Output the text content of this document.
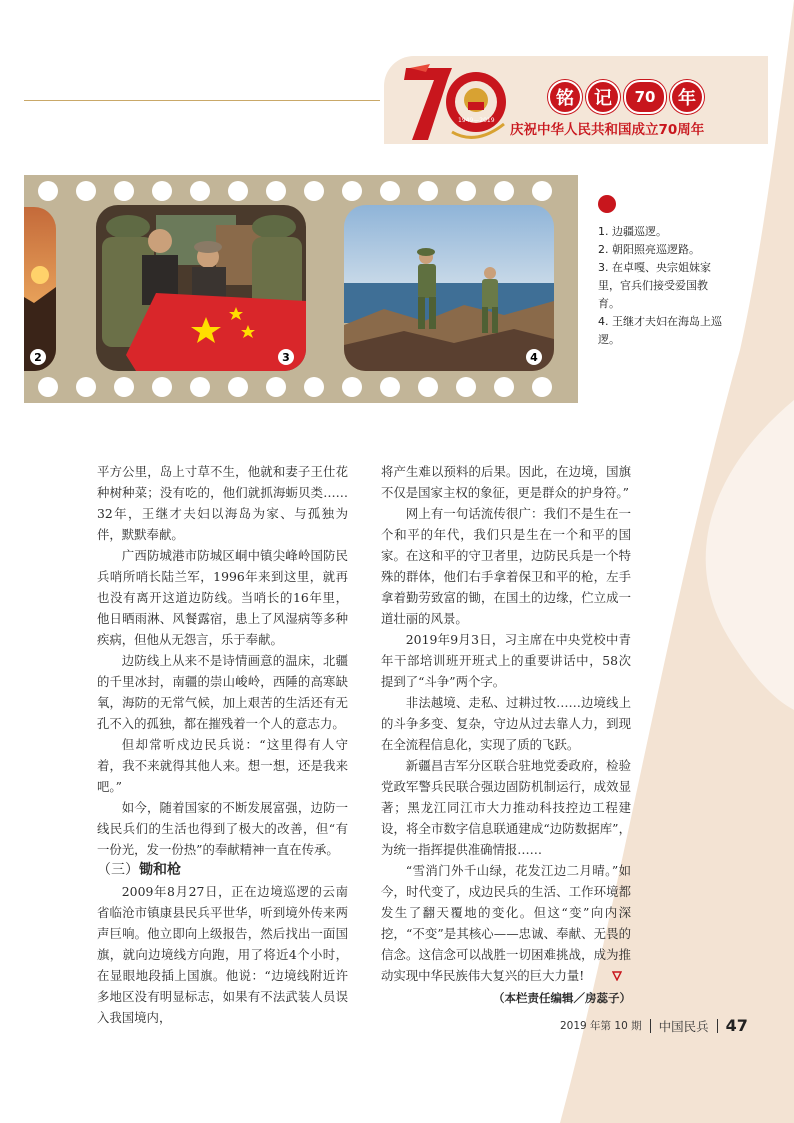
1949—2019
铭	记	70	年
庆祝中华人民共和国成立70周年
2	3	4
1. 边疆巡逻。
2. 朝阳照亮巡逻路。
3. 在卓嘎、央宗姐妹家里，官兵们接受爱国教育。
4. 王继才夫妇在海岛上巡逻。

平方公里，岛上寸草不生，他就和妻子王仕花种树种菜；没有吃的，他们就抓海蛎贝类……32年，王继才夫妇以海岛为家、与孤独为伴，默默奉献。

广西防城港市防城区峒中镇尖峰岭国防民兵哨所哨长陆兰军，1996年来到这里，就再也没有离开这道边防线。当哨长的16年里，他日晒雨淋、风餐露宿，患上了风湿病等多种疾病，但他从无怨言，乐于奉献。

边防线上从来不是诗情画意的温床，北疆的千里冰封，南疆的崇山峻岭，西陲的高寒缺氧，海防的无常气候，加上艰苦的生活还有无孔不入的孤独，都在摧残着一个人的意志力。

但却常听戍边民兵说：“这里得有人守着，我不来就得其他人来。想一想，还是我来吧。”

如今，随着国家的不断发展富强，边防一线民兵们的生活也得到了极大的改善，但“有一份光，发一份热”的奉献精神一直在传承。

（三）锄和枪

2009年8月27日，正在边境巡逻的云南省临沧市镇康县民兵平世华，听到境外传来两声巨响。他立即向上级报告，然后找出一面国旗，就向边境线方向跑，用了将近4个小时，在显眼地段插上国旗。他说：“边境线附近许多地区没有明显标志，如果有不法武装人员误入我国境内，

将产生难以预料的后果。因此，在边境，国旗不仅是国家主权的象征，更是群众的护身符。”

网上有一句话流传很广：我们不是生在一个和平的年代，我们只是生在一个和平的国家。在这和平的守卫者里，边防民兵是一个特殊的群体，他们右手拿着保卫和平的枪，左手拿着勤劳致富的锄，在国土的边缘，伫立成一道壮丽的风景。

2019年9月3日，习主席在中央党校中青年干部培训班开班式上的重要讲话中，58次提到了“斗争”两个字。

非法越境、走私、过耕过牧……边境线上的斗争多变、复杂，守边从过去靠人力，到现在全流程信息化，实现了质的飞跃。

新疆昌吉军分区联合驻地党委政府，检验党政军警兵民联合强边固防机制运行，成效显著；黑龙江同江市大力推动科技控边工程建设，将全市数字信息联通建成“边防数据库”，为统一指挥提供准确情报……

“雪消门外千山绿，花发江边二月晴。”如今，时代变了，戍边民兵的生活、工作环境都发生了翻天覆地的变化。但这“变”向内深挖，“不变”是其核心——忠诚、奉献、无畏的信念。这信念可以战胜一切困难挑战，成为推动实现中华民族伟大复兴的巨大力量!

（本栏责任编辑／房蕊子）
2019 年第 10 期 中国民兵 47
